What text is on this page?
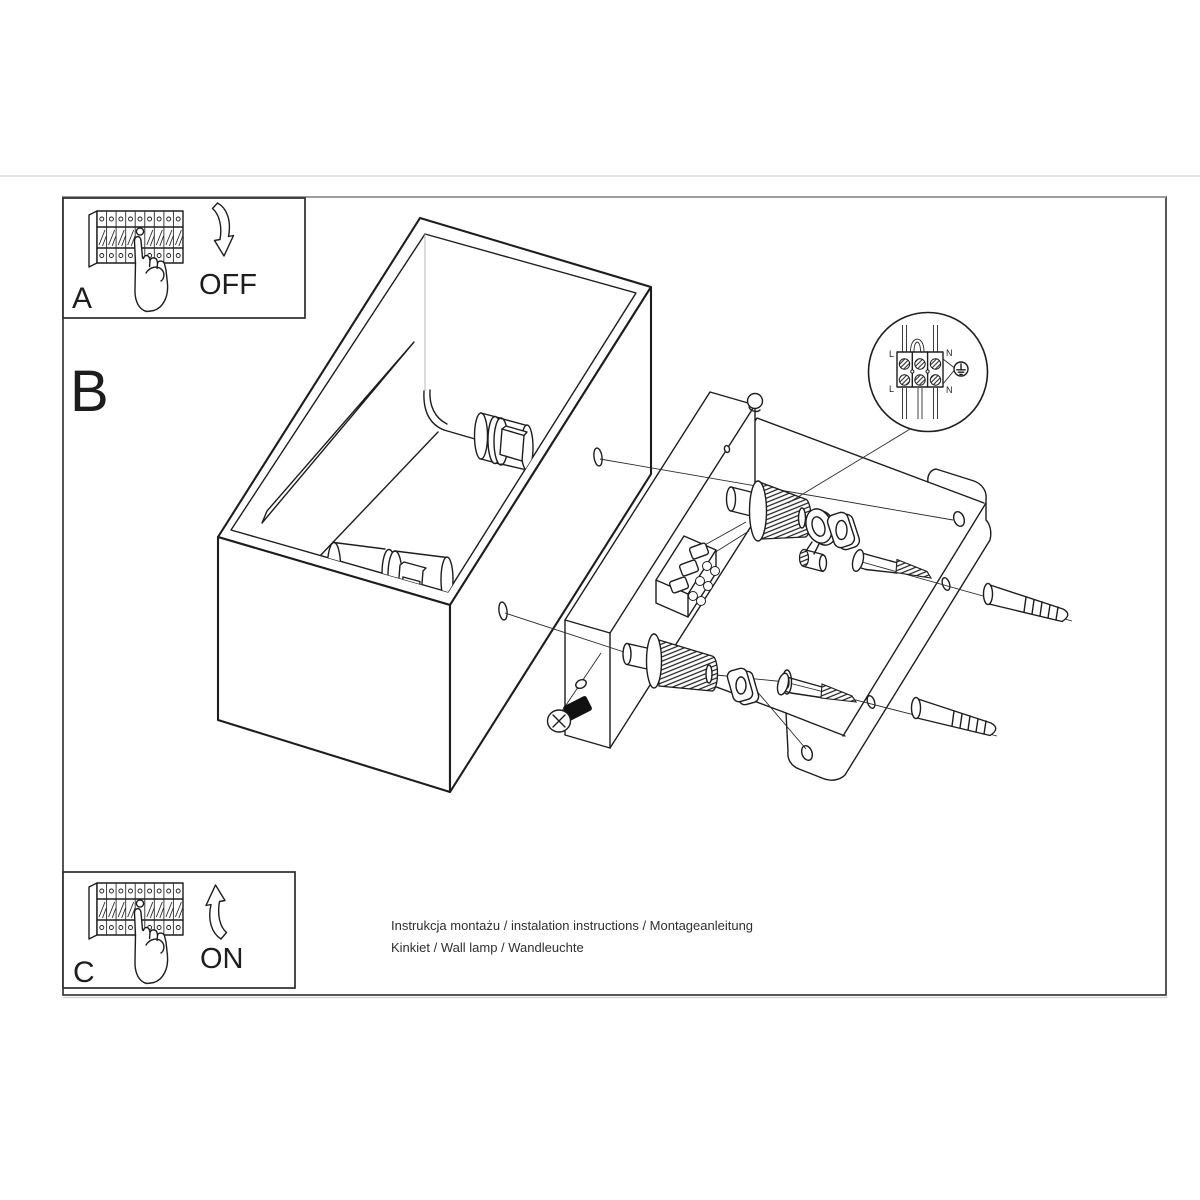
A	OFF
B
C	ON
L	N
L	N
Instrukcja montażu / instalation instructions / Montageanleitung
Kinkiet / Wall lamp / Wandleuchte
